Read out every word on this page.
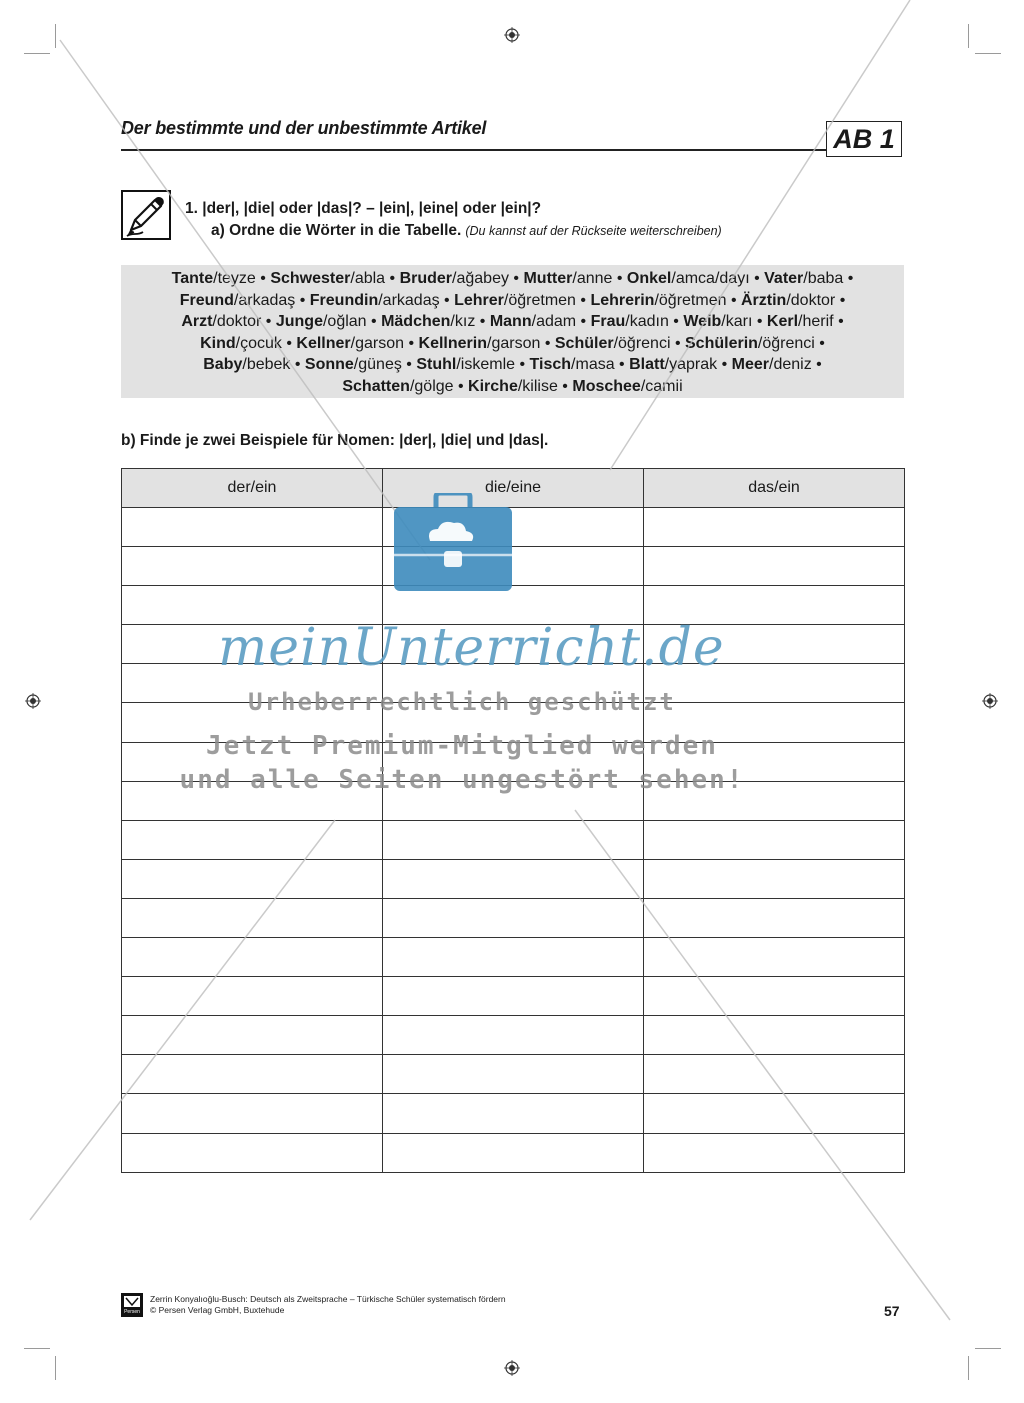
Der bestimmte und der unbestimmte Artikel	AB 1
1. |der|, |die| oder |das|? – |ein|, |eine| oder |ein|?
a) Ordne die Wörter in die Tabelle. (Du kannst auf der Rückseite weiterschreiben)
Tante/teyze • Schwester/abla • Bruder/ağabey • Mutter/anne • Onkel/amca/dayı • Vater/baba •
Freund/arkadaş • Freundin/arkadaş • Lehrer/öğretmen • Lehrerin/öğretmen • Ärztin/doktor •
Arzt/doktor • Junge/oğlan • Mädchen/kız • Mann/adam • Frau/kadın • Weib/karı • Kerl/herif •
Kind/çocuk • Kellner/garson • Kellnerin/garson • Schüler/öğrenci • Schülerin/öğrenci •
Baby/bebek • Sonne/güneş • Stuhl/iskemle • Tisch/masa • Blatt/yaprak • Meer/deniz •
Schatten/gölge • Kirche/kilise • Moschee/camii
b) Finde je zwei Beispiele für Nomen: |der|, |die| und |das|.
der/ein	die/eine	das/ein

Persen
Zerrin Konyalıoğlu-Busch: Deutsch als Zweitsprache – Türkische Schüler systematisch fördern
© Persen Verlag GmbH, Buxtehude	57
meinUnterricht.de
Urheberrechtlich geschützt
Jetzt Premium-Mitglied werden
und alle Seiten ungestört sehen!
